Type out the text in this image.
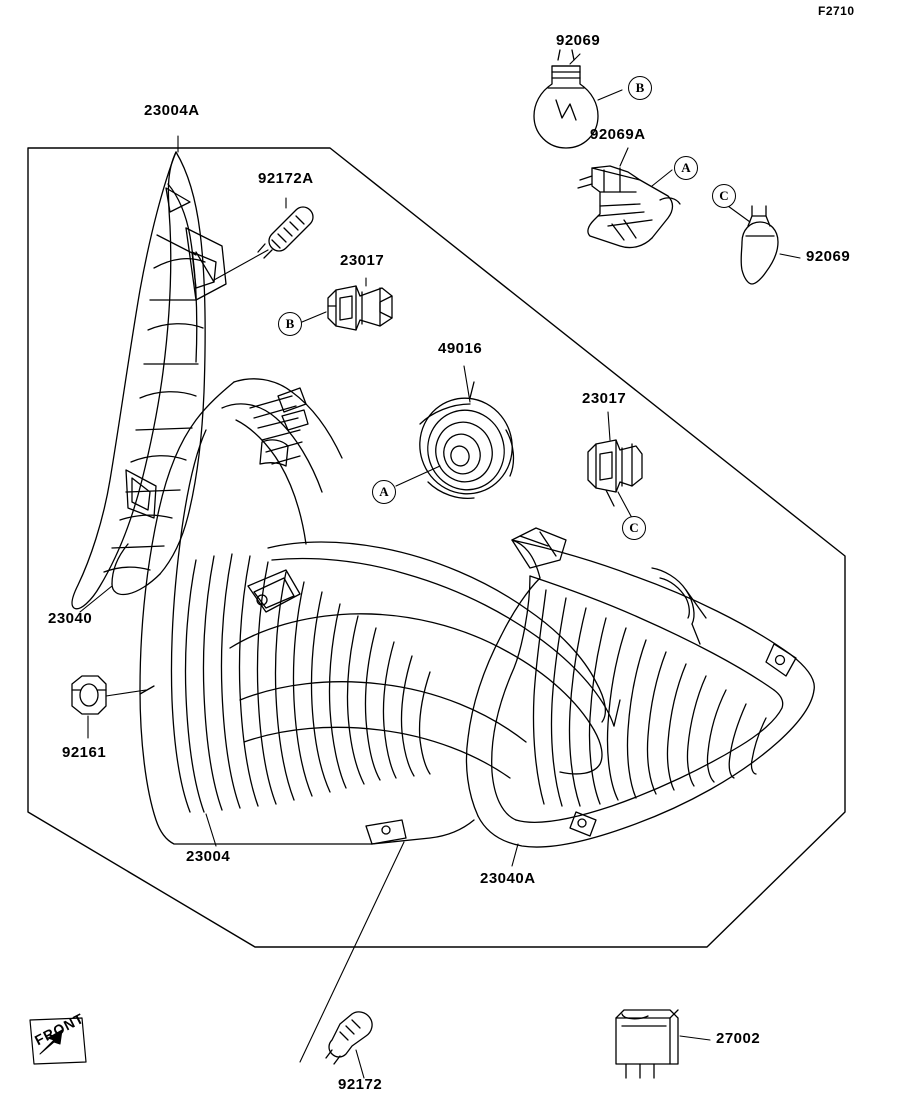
F2710
23004A
92172A
23017
49016
23017
92069
92069A
92069
23040
92161
23004
23040A
92172
27002
B
A
C
B
A
C
FRONT
